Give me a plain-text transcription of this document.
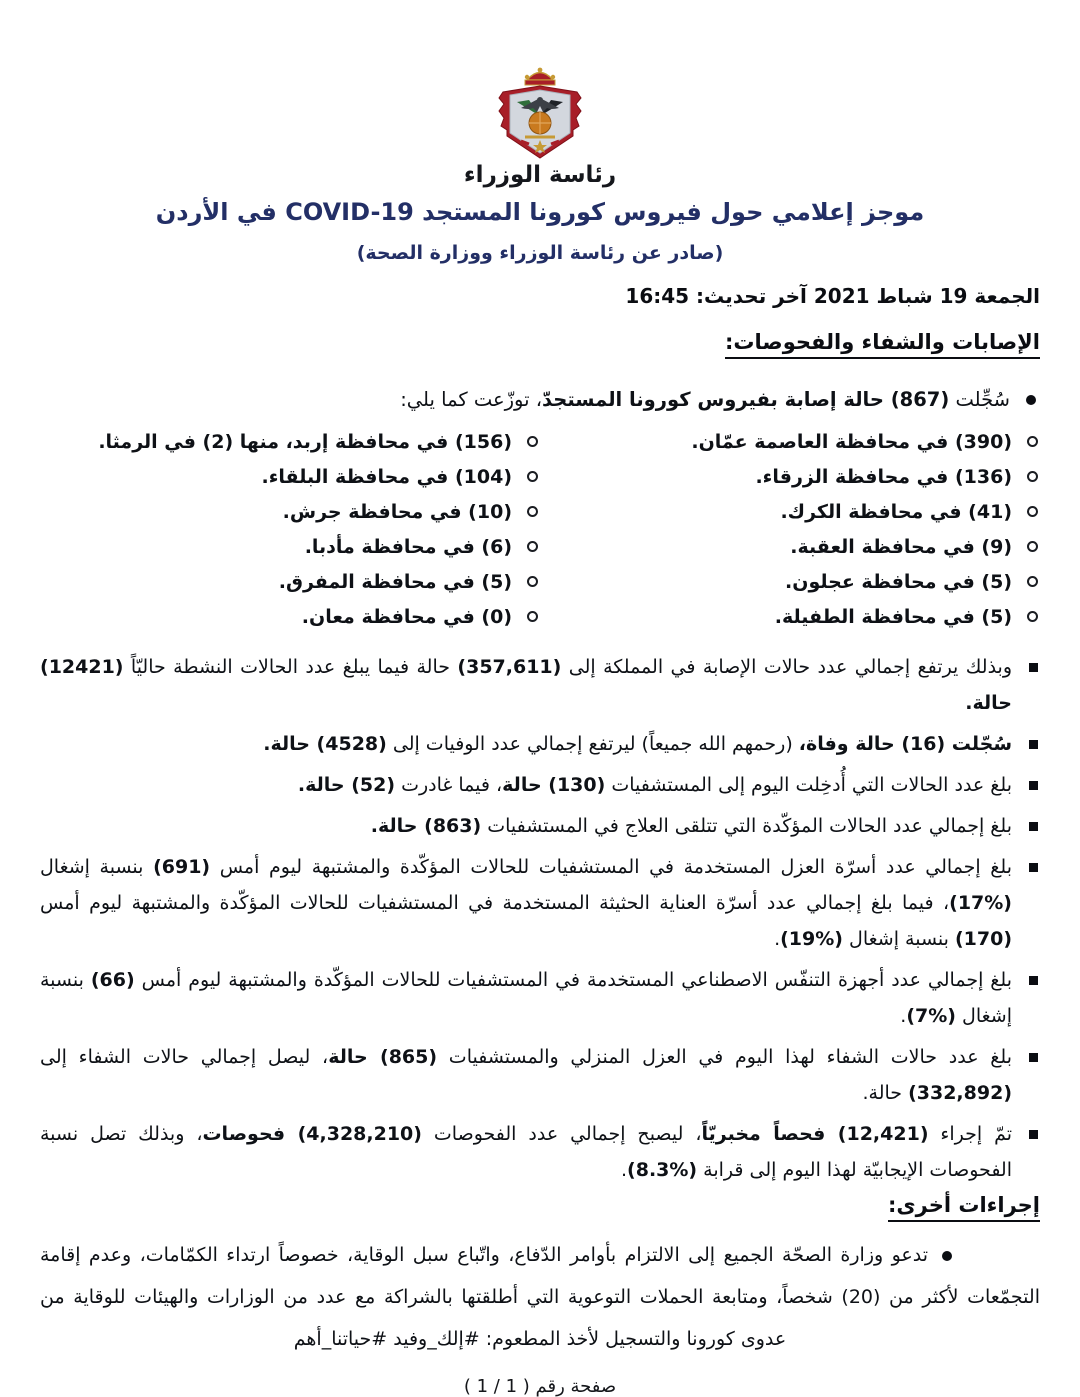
رئاسة الوزراء
موجز إعلامي حول فيروس كورونا المستجد COVID-19 في الأردن
(صادر عن رئاسة الوزراء ووزارة الصحة)
الجمعة 19 شباط 2021 آخر تحديث: 16:45
الإصابات والشفاء والفحوصات:
سُجِّلت (867) حالة إصابة بفيروس كورونا المستجدّ، توزّعت كما يلي:
(390) في محافظة العاصمة عمّان.
(156) في محافظة إربد، منها (2) في الرمثا.
(136) في محافظة الزرقاء.
(104) في محافظة البلقاء.
(41) في محافظة الكرك.
(10) في محافظة جرش.
(9) في محافظة العقبة.
(6) في محافظة مأدبا.
(5) في محافظة عجلون.
(5) في محافظة المفرق.
(5) في محافظة الطفيلة.
(0) في محافظة معان.
وبذلك يرتفع إجمالي عدد حالات الإصابة في المملكة إلى (357,611) حالة فيما يبلغ عدد الحالات النشطة حاليّاً (12421) حالة.
سُجّلت (16) حالة وفاة، (رحمهم الله جميعاً) ليرتفع إجمالي عدد الوفيات إلى (4528) حالة.
بلغ عدد الحالات التي أُدخِلت اليوم إلى المستشفيات (130) حالة، فيما غادرت (52) حالة.
بلغ إجمالي عدد الحالات المؤكّدة التي تتلقى العلاج في المستشفيات (863) حالة.
بلغ إجمالي عدد أسرّة العزل المستخدمة في المستشفيات للحالات المؤكّدة والمشتبهة ليوم أمس (691) بنسبة إشغال (%17)، فيما بلغ إجمالي عدد أسرّة العناية الحثيثة المستخدمة في المستشفيات للحالات المؤكّدة والمشتبهة ليوم أمس (170) بنسبة إشغال (%19).
بلغ إجمالي عدد أجهزة التنفّس الاصطناعي المستخدمة في المستشفيات للحالات المؤكّدة والمشتبهة ليوم أمس (66) بنسبة إشغال (%7).
بلغ عدد حالات الشفاء لهذا اليوم في العزل المنزلي والمستشفيات (865) حالة، ليصل إجمالي حالات الشفاء إلى (332,892) حالة.
تمّ إجراء (12,421) فحصاً مخبريّاً، ليصبح إجمالي عدد الفحوصات (4,328,210) فحوصات، وبذلك تصل نسبة الفحوصات الإيجابيّة لهذا اليوم إلى قرابة (%8.3).
إجراءات أخرى:
تدعو وزارة الصحّة الجميع إلى الالتزام بأوامر الدّفاع، واتّباع سبل الوقاية، خصوصاً ارتداء الكمّامات، وعدم إقامة التجمّعات لأكثر من (20) شخصاً، ومتابعة الحملات التوعوية التي أطلقتها بالشراكة مع عدد من الوزارات والهيئات للوقاية من عدوى كورونا والتسجيل لأخذ المطعوم: #إلك_وفيد #حياتنا_أهم
صفحة رقم ( 1 / 1 )
